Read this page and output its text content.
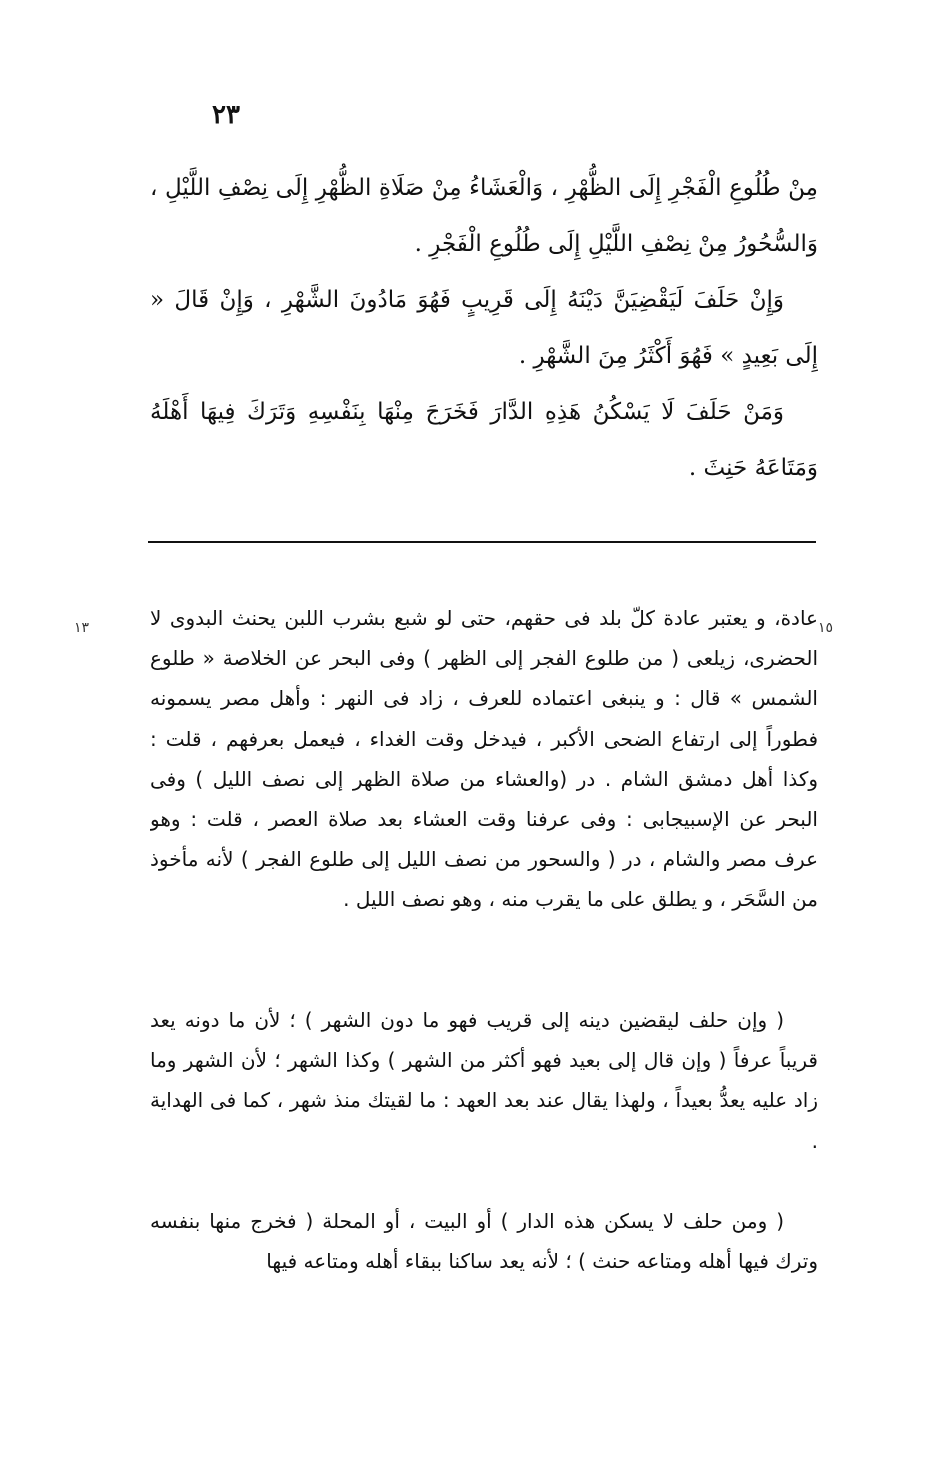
٢٣

مِنْ طُلُوعِ الْفَجْرِ إِلَى الظُّهْرِ ، وَالْعَشَاءُ مِنْ صَلَاةِ الظُّهْرِ إِلَى نِصْفِ اللَّيْلِ ، وَالسُّحُورُ مِنْ نِصْفِ اللَّيْلِ إِلَى طُلُوعِ الْفَجْرِ .

وَإِنْ حَلَفَ لَيَقْضِيَنَّ دَيْنَهُ إِلَى قَرِيبٍ فَهُوَ مَادُونَ الشَّهْرِ ، وَإِنْ قَالَ « إِلَى بَعِيدٍ » فَهُوَ أَكْثَرُ مِنَ الشَّهْرِ .

وَمَنْ حَلَفَ لَا يَسْكُنُ هَذِهِ الدَّارَ فَخَرَجَ مِنْهَا بِنَفْسِهِ وَتَرَكَ فِيهَا أَهْلَهُ وَمَتَاعَهُ حَنِثَ .

١٣	١٥

عادة، و يعتبر عادة كلّ بلد فى حقهم، حتى لو شبع بشرب اللبن يحنث البدوى لا الحضرى، زيلعى ( من طلوع الفجر إلى الظهر ) وفى البحر عن الخلاصة « طلوع الشمس » قال : و ينبغى اعتماده للعرف ، زاد فى النهر : وأهل مصر يسمونه فطوراً إلى ارتفاع الضحى الأكبر ، فيدخل وقت الغداء ، فيعمل بعرفهم ، قلت : وكذا أهل دمشق الشام . در (والعشاء من صلاة الظهر إلى نصف الليل ) وفى البحر عن الإسبيجابى : وفى عرفنا وقت العشاء بعد صلاة العصر ، قلت : وهو عرف مصر والشام ، در ( والسحور من نصف الليل إلى طلوع الفجر ) لأنه مأخوذ من السَّحَر ، و يطلق على ما يقرب منه ، وهو نصف الليل .

( وإن حلف ليقضين دينه إلى قريب فهو ما دون الشهر ) ؛ لأن ما دونه يعد قريباً عرفاً ( وإن قال إلى بعيد فهو أكثر من الشهر ) وكذا الشهر ؛ لأن الشهر وما زاد عليه يعدُّ بعيداً ، ولهذا يقال عند بعد العهد : ما لقيتك منذ شهر ، كما فى الهداية .

( ومن حلف لا يسكن هذه الدار ) أو البيت ، أو المحلة ( فخرج منها بنفسه وترك فيها أهله ومتاعه حنث ) ؛ لأنه يعد ساكنا ببقاء أهله ومتاعه فيها
